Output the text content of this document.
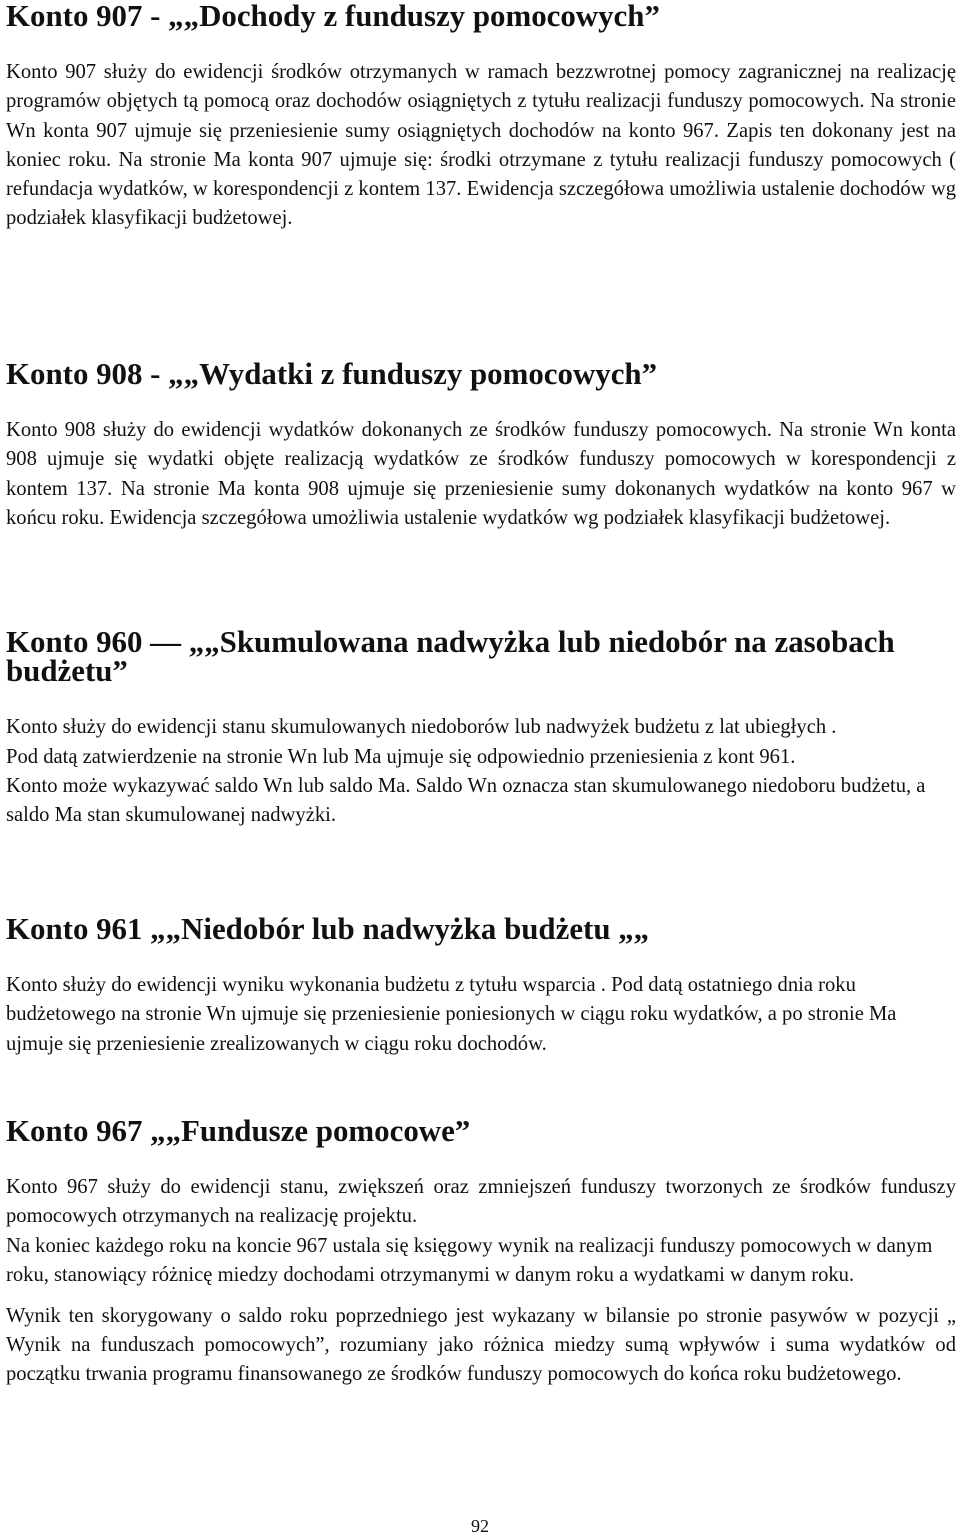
Konto 907 - „„Dochody z funduszy pomocowych”

Konto 907 służy do ewidencji środków otrzymanych w ramach bezzwrotnej pomocy zagranicznej na realizację programów objętych tą pomocą oraz dochodów osiągniętych z tytułu realizacji funduszy pomocowych. Na stronie Wn konta 907 ujmuje się przeniesienie sumy osiągniętych dochodów na konto 967. Zapis ten dokonany jest na koniec roku. Na stronie Ma konta 907 ujmuje się: środki otrzymane z tytułu realizacji funduszy pomocowych ( refundacja wydatków, w korespondencji z kontem 137. Ewidencja szczegółowa umożliwia ustalenie dochodów wg podziałek klasyfikacji budżetowej.

Konto 908 - „„Wydatki z funduszy pomocowych”

Konto 908 służy do ewidencji wydatków dokonanych ze środków funduszy pomocowych. Na stronie Wn konta 908 ujmuje się wydatki objęte realizacją wydatków ze środków funduszy pomocowych w korespondencji z kontem 137. Na stronie Ma konta 908 ujmuje się przeniesienie sumy dokonanych wydatków na konto 967 w końcu roku. Ewidencja szczegółowa umożliwia ustalenie wydatków wg podziałek klasyfikacji budżetowej.

Konto 960 — „„Skumulowana nadwyżka lub niedobór na zasobach budżetu”

Konto służy do ewidencji stanu skumulowanych niedoborów lub nadwyżek budżetu z lat ubiegłych .

Pod datą zatwierdzenie na stronie Wn lub Ma ujmuje się odpowiednio przeniesienia z kont 961.

Konto może wykazywać saldo Wn lub saldo Ma. Saldo Wn oznacza stan skumulowanego niedoboru budżetu, a saldo Ma stan skumulowanej nadwyżki.

Konto 961 „„Niedobór lub nadwyżka budżetu „„

Konto służy do ewidencji wyniku wykonania budżetu z tytułu wsparcia . Pod datą ostatniego dnia roku budżetowego na stronie Wn ujmuje się przeniesienie poniesionych w ciągu roku wydatków, a po stronie Ma ujmuje się przeniesienie zrealizowanych w ciągu roku dochodów.

Konto 967 „„Fundusze pomocowe”

Konto 967 służy do ewidencji stanu, zwiększeń oraz zmniejszeń funduszy tworzonych ze środków funduszy pomocowych otrzymanych na realizację projektu.

Na koniec każdego roku na koncie 967 ustala się księgowy wynik na realizacji funduszy pomocowych w danym roku, stanowiący różnicę miedzy dochodami otrzymanymi w danym roku a wydatkami w danym roku.

Wynik ten skorygowany o saldo roku poprzedniego jest wykazany w bilansie po stronie pasywów w pozycji „ Wynik na funduszach pomocowych”, rozumiany jako różnica miedzy sumą wpływów i suma wydatków od początku trwania programu finansowanego ze środków funduszy pomocowych do końca roku budżetowego.

92
